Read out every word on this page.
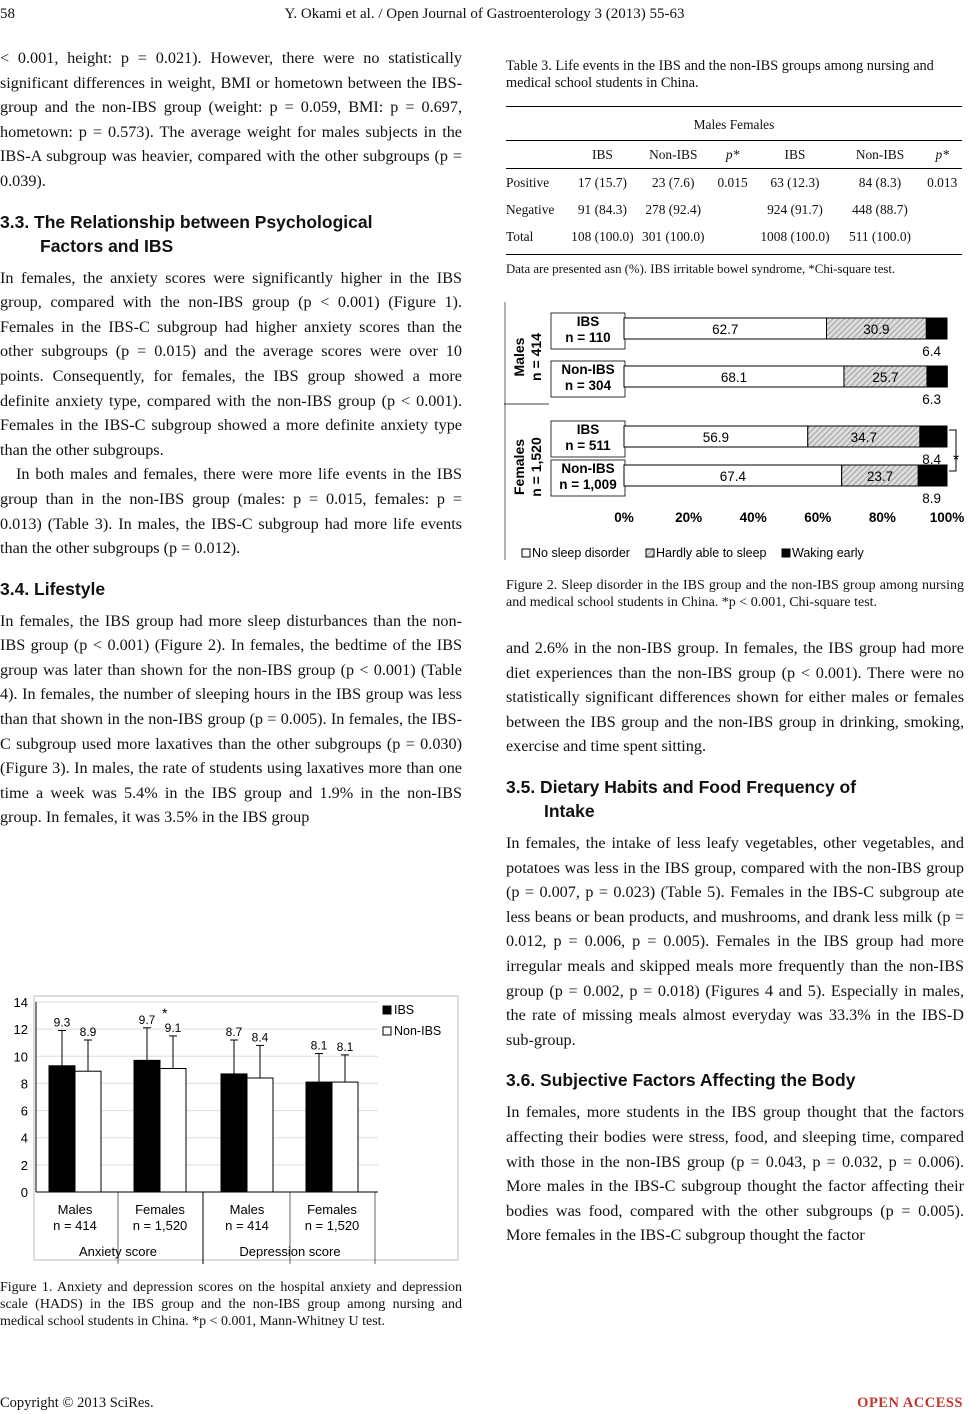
58	Y. Okami et al. / Open Journal of Gastroenterology 3 (2013) 55-63

< 0.001, height: p = 0.021). However, there were no statistically significant differences in weight, BMI or hometown between the IBS-group and the non-IBS group (weight: p = 0.059, BMI: p = 0.697, hometown: p = 0.573). The average weight for males subjects in the IBS-A subgroup was heavier, compared with the other subgroups (p = 0.039).

3.3. The Relationship between Psychological
Factors and IBS

In females, the anxiety scores were significantly higher in the IBS group, compared with the non-IBS group (p < 0.001) (Figure 1). Females in the IBS-C subgroup had higher anxiety scores than the other subgroups (p = 0.015) and the average scores were over 10 points. Consequently, for females, the IBS group showed a more definite anxiety type, compared with the non-IBS group (p < 0.001). Females in the IBS-C subgroup showed a more definite anxiety type than the other subgroups.

In both males and females, there were more life events in the IBS group than in the non-IBS group (males: p = 0.015, females: p = 0.013) (Table 3). In males, the IBS-C subgroup had more life events than the other subgroups (p = 0.012).

3.4. Lifestyle

In females, the IBS group had more sleep disturbances than the non-IBS group (p < 0.001) (Figure 2). In females, the bedtime of the IBS group was later than shown for the non-IBS group (p < 0.001) (Table 4). In females, the number of sleeping hours in the IBS group was less than that shown in the non-IBS group (p = 0.005). In females, the IBS-C subgroup used more laxatives than the other subgroups (p = 0.030) (Figure 3). In males, the rate of students using laxatives more than one time a week was 5.4% in the IBS group and 1.9% in the non-IBS group. In females, it was 3.5% in the IBS group

0
2
4
6
8
10
12
14
9.3
8.9
Males
n = 414
9.7
9.1
Females
n = 1,520
8.7 8.4
Males
n = 414
8.1 8.1
Females
n = 1,520
*
Anxiety score	Depression score
IBS
Non-IBS
Figure 1. Anxiety and depression scores on the hospital anxiety and depression scale (HADS) in the IBS group and the non-IBS group among nursing and medical school students in China. *p < 0.001, Mann-Whitney U test.
Table 3. Life events in the IBS and the non-IBS groups among nursing and medical school students in China.
Males Females
	IBS	Non-IBS	p*	IBS	Non-IBS	p*
Positive	17 (15.7)	23 (7.6)	0.015	63 (12.3)	84 (8.3)	0.013
Negative	91 (84.3)	278 (92.4)		924 (91.7)	448 (88.7)	
Total	108 (100.0)	301 (100.0)		1008 (100.0)	511 (100.0)	
Data are presented asn (%). IBS irritable bowel syndrome, *Chi-square test.
62.7	30.9
6.4
IBS
n = 110
68.1	25.7
6.3
Non-IBS
n = 304
56.9	34.7
8.4
IBS
n = 511
67.4	23.7
8.9
Non-IBS
n = 1,009
Males n = 414
Females n = 1,520	*
0%	20%	40%	60%	80%	100%
No sleep disorder Hardly able to sleep Waking early
Figure 2. Sleep disorder in the IBS group and the non-IBS group among nursing and medical school students in China. *p < 0.001, Chi-square test.

and 2.6% in the non-IBS group. In females, the IBS group had more diet experiences than the non-IBS group (p < 0.001). There were no statistically significant differences shown for either males or females between the IBS group and the non-IBS group in drinking, smoking, exercise and time spent sitting.

3.5. Dietary Habits and Food Frequency of
Intake

In females, the intake of less leafy vegetables, other vegetables, and potatoes was less in the IBS group, compared with the non-IBS group (p = 0.007, p = 0.023) (Table 5). Females in the IBS-C subgroup ate less beans or bean products, and mushrooms, and drank less milk (p = 0.012, p = 0.006, p = 0.005). Females in the IBS group had more irregular meals and skipped meals more frequently than the non-IBS group (p = 0.002, p = 0.018) (Figures 4 and 5). Especially in males, the rate of missing meals almost everyday was 33.3% in the IBS-D sub-group.

3.6. Subjective Factors Affecting the Body

In females, more students in the IBS group thought that the factors affecting their bodies were stress, food, and sleeping time, compared with those in the non-IBS group (p = 0.043, p = 0.032, p = 0.006). More males in the IBS-C subgroup thought the factor affecting their bodies was food, compared with the other subgroups (p = 0.005). More females in the IBS-C subgroup thought the factor

Copyright © 2013 SciRes.	OPEN ACCESS
